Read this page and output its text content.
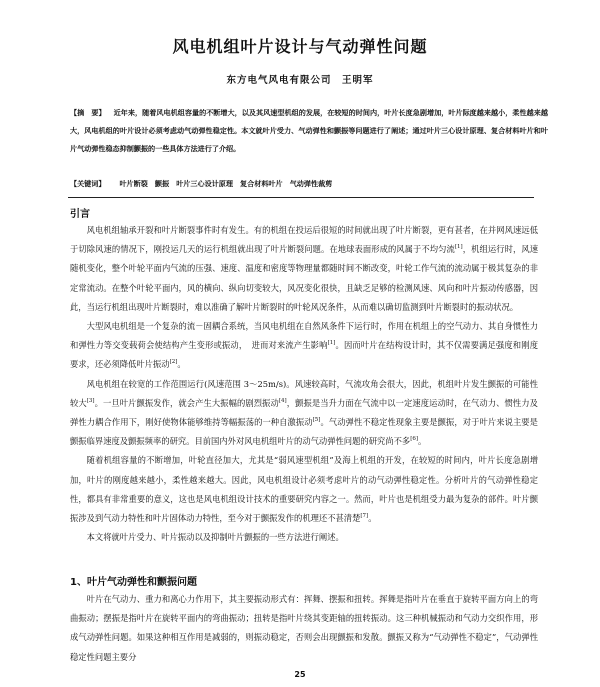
风电机组叶片设计与气动弹性问题
东方电气风电有限公司　王明军
【摘　要】 近年来，随着风电机组容量的不断增大，以及其风速型机组的发展，在较短的时间内，叶片长度急剧增加，叶片际度越来越小，柔性越来越大，风电机组的叶片设计必须考虑动气动弹性稳定性。本文就叶片受力、气动弹性和颤振等问题进行了阐述；通过叶片三心设计原理、复合材料叶片和叶片气动弹性稳态抑制颤振的一些具体方法进行了介绍。
【关键词】 叶片断裂　颤振　叶片三心设计原理　复合材料叶片　气动弹性裁剪
引言

风电机组轴承开裂和叶片断裂事件时有发生。有的机组在投运后很短的时间就出现了叶片断裂，更有甚者，在并网风速远低于切除风速的情况下，刚投运几天的运行机组就出现了叶片断裂问题。在地球表面形成的风属于不均匀流[1]，机组运行时，风速随机变化，整个叶轮平面内气流的压强、速度、温度和密度等物理量都随时间不断改变，叶轮工作气流的流动属于极其复杂的非定常流动。在整个叶轮平面内，风的横向、纵向切变较大，风况变化很快，且缺乏足够的检测风速、风向和叶片振动传感器，因此，当运行机组出现叶片断裂时，难以准确了解叶片断裂时的叶轮风况条件，从而难以确切监测到叶片断裂时的振动状况。

大型风电机组是一个复杂的流－固耦合系统，当风电机组在自然风条件下运行时，作用在机组上的空气动力、其自身惯性力和弹性力等交变载荷会使结构产生变形或振动，　进而对来流产生影响[1]。因而叶片在结构设计时，其不仅需要满足强度和刚度要求，还必须降低叶片振动[2]。

风电机组在较宽的工作范围运行(风速范围 3～25m/s)。风速较高时，气流攻角会很大，因此，机组叶片发生颤振的可能性较大[3]。一旦叶片颤振发作，就会产生大振幅的剧烈振动[4]，颤振是当升力面在气流中以一定速度运动时，在气动力、惯性力及弹性力耦合作用下，刚好使物体能够维持等幅振荡的一种自激振动[5]。气动弹性不稳定性现象主要是颤振，对于叶片来说主要是颤振临界速度及颤振频率的研究。目前国内外对风电机组叶片的动气动弹性问题的研究尚不多[6]。

随着机组容量的不断增加，叶轮直径加大，尤其是“弱风速型机组”及海上机组的开发，在较短的时间内，叶片长度急剧增加，叶片的刚度越来越小，柔性越来越大。因此，风电机组设计必须考虑叶片的动气动弹性稳定性。分析叶片的气动弹性稳定性，都具有非常重要的意义，这也是风电机组设计技术的重要研究内容之一。然而，叶片也是机组受力最为复杂的部件。叶片颤振涉及到气动力特性和叶片固体动力特性，至今对于颤振发作的机理还不甚清楚[7]。

本文将就叶片受力、叶片振动以及抑制叶片颤振的一些方法进行阐述。

1、叶片气动弹性和颤振问题

叶片在气动力、重力和离心力作用下，其主要振动形式有：挥舞、摆振和扭转。挥舞是指叶片在垂直于旋转平面方向上的弯曲振动；摆振是指叶片在旋转平面内的弯曲振动；扭转是指叶片绕其变距轴的扭转振动。这三种机械振动和气动力交织作用，形成气动弹性问题。如果这种相互作用是减弱的，则振动稳定，否则会出现颤振和发散。颤振又称为“气动弹性不稳定”，气动弹性稳定性问题主要分

25
